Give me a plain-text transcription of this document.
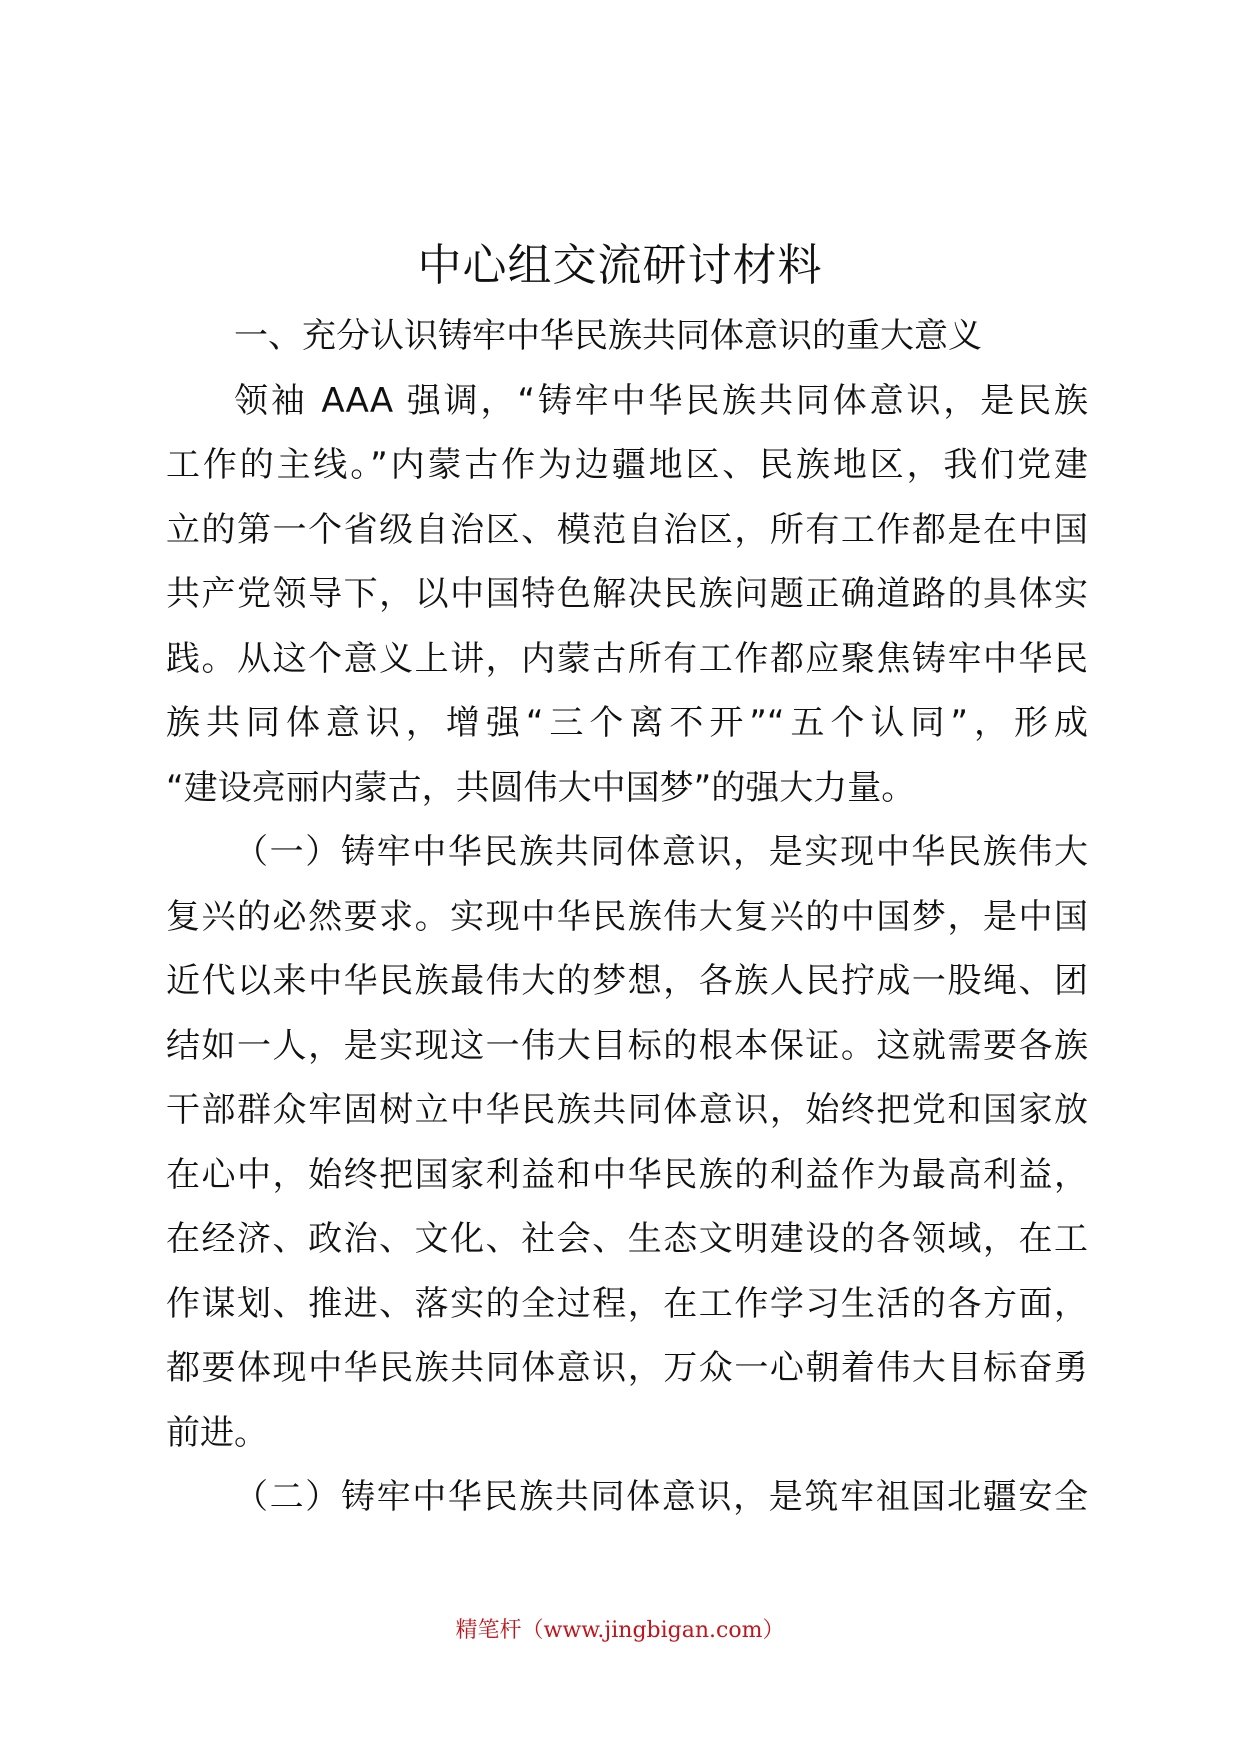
中心组交流研讨材料
一、充分认识铸牢中华民族共同体意识的重大意义
领袖 AAA 强调，“铸牢中华民族共同体意识，是民族
工作的主线。”内蒙古作为边疆地区、民族地区，我们党建
立的第一个省级自治区、模范自治区，所有工作都是在中国
共产党领导下，以中国特色解决民族问题正确道路的具体实
践。从这个意义上讲，内蒙古所有工作都应聚焦铸牢中华民
族共同体意识，增强“三个离不开”“五个认同”，形成
“建设亮丽内蒙古，共圆伟大中国梦”的强大力量。
（一）铸牢中华民族共同体意识，是实现中华民族伟大
复兴的必然要求。实现中华民族伟大复兴的中国梦，是中国
近代以来中华民族最伟大的梦想，各族人民拧成一股绳、团
结如一人，是实现这一伟大目标的根本保证。这就需要各族
干部群众牢固树立中华民族共同体意识，始终把党和国家放
在心中，始终把国家利益和中华民族的利益作为最高利益，
在经济、政治、文化、社会、生态文明建设的各领域，在工
作谋划、推进、落实的全过程，在工作学习生活的各方面，
都要体现中华民族共同体意识，万众一心朝着伟大目标奋勇
前进。
（二）铸牢中华民族共同体意识，是筑牢祖国北疆安全
精笔杆（www.jingbigan.com）
